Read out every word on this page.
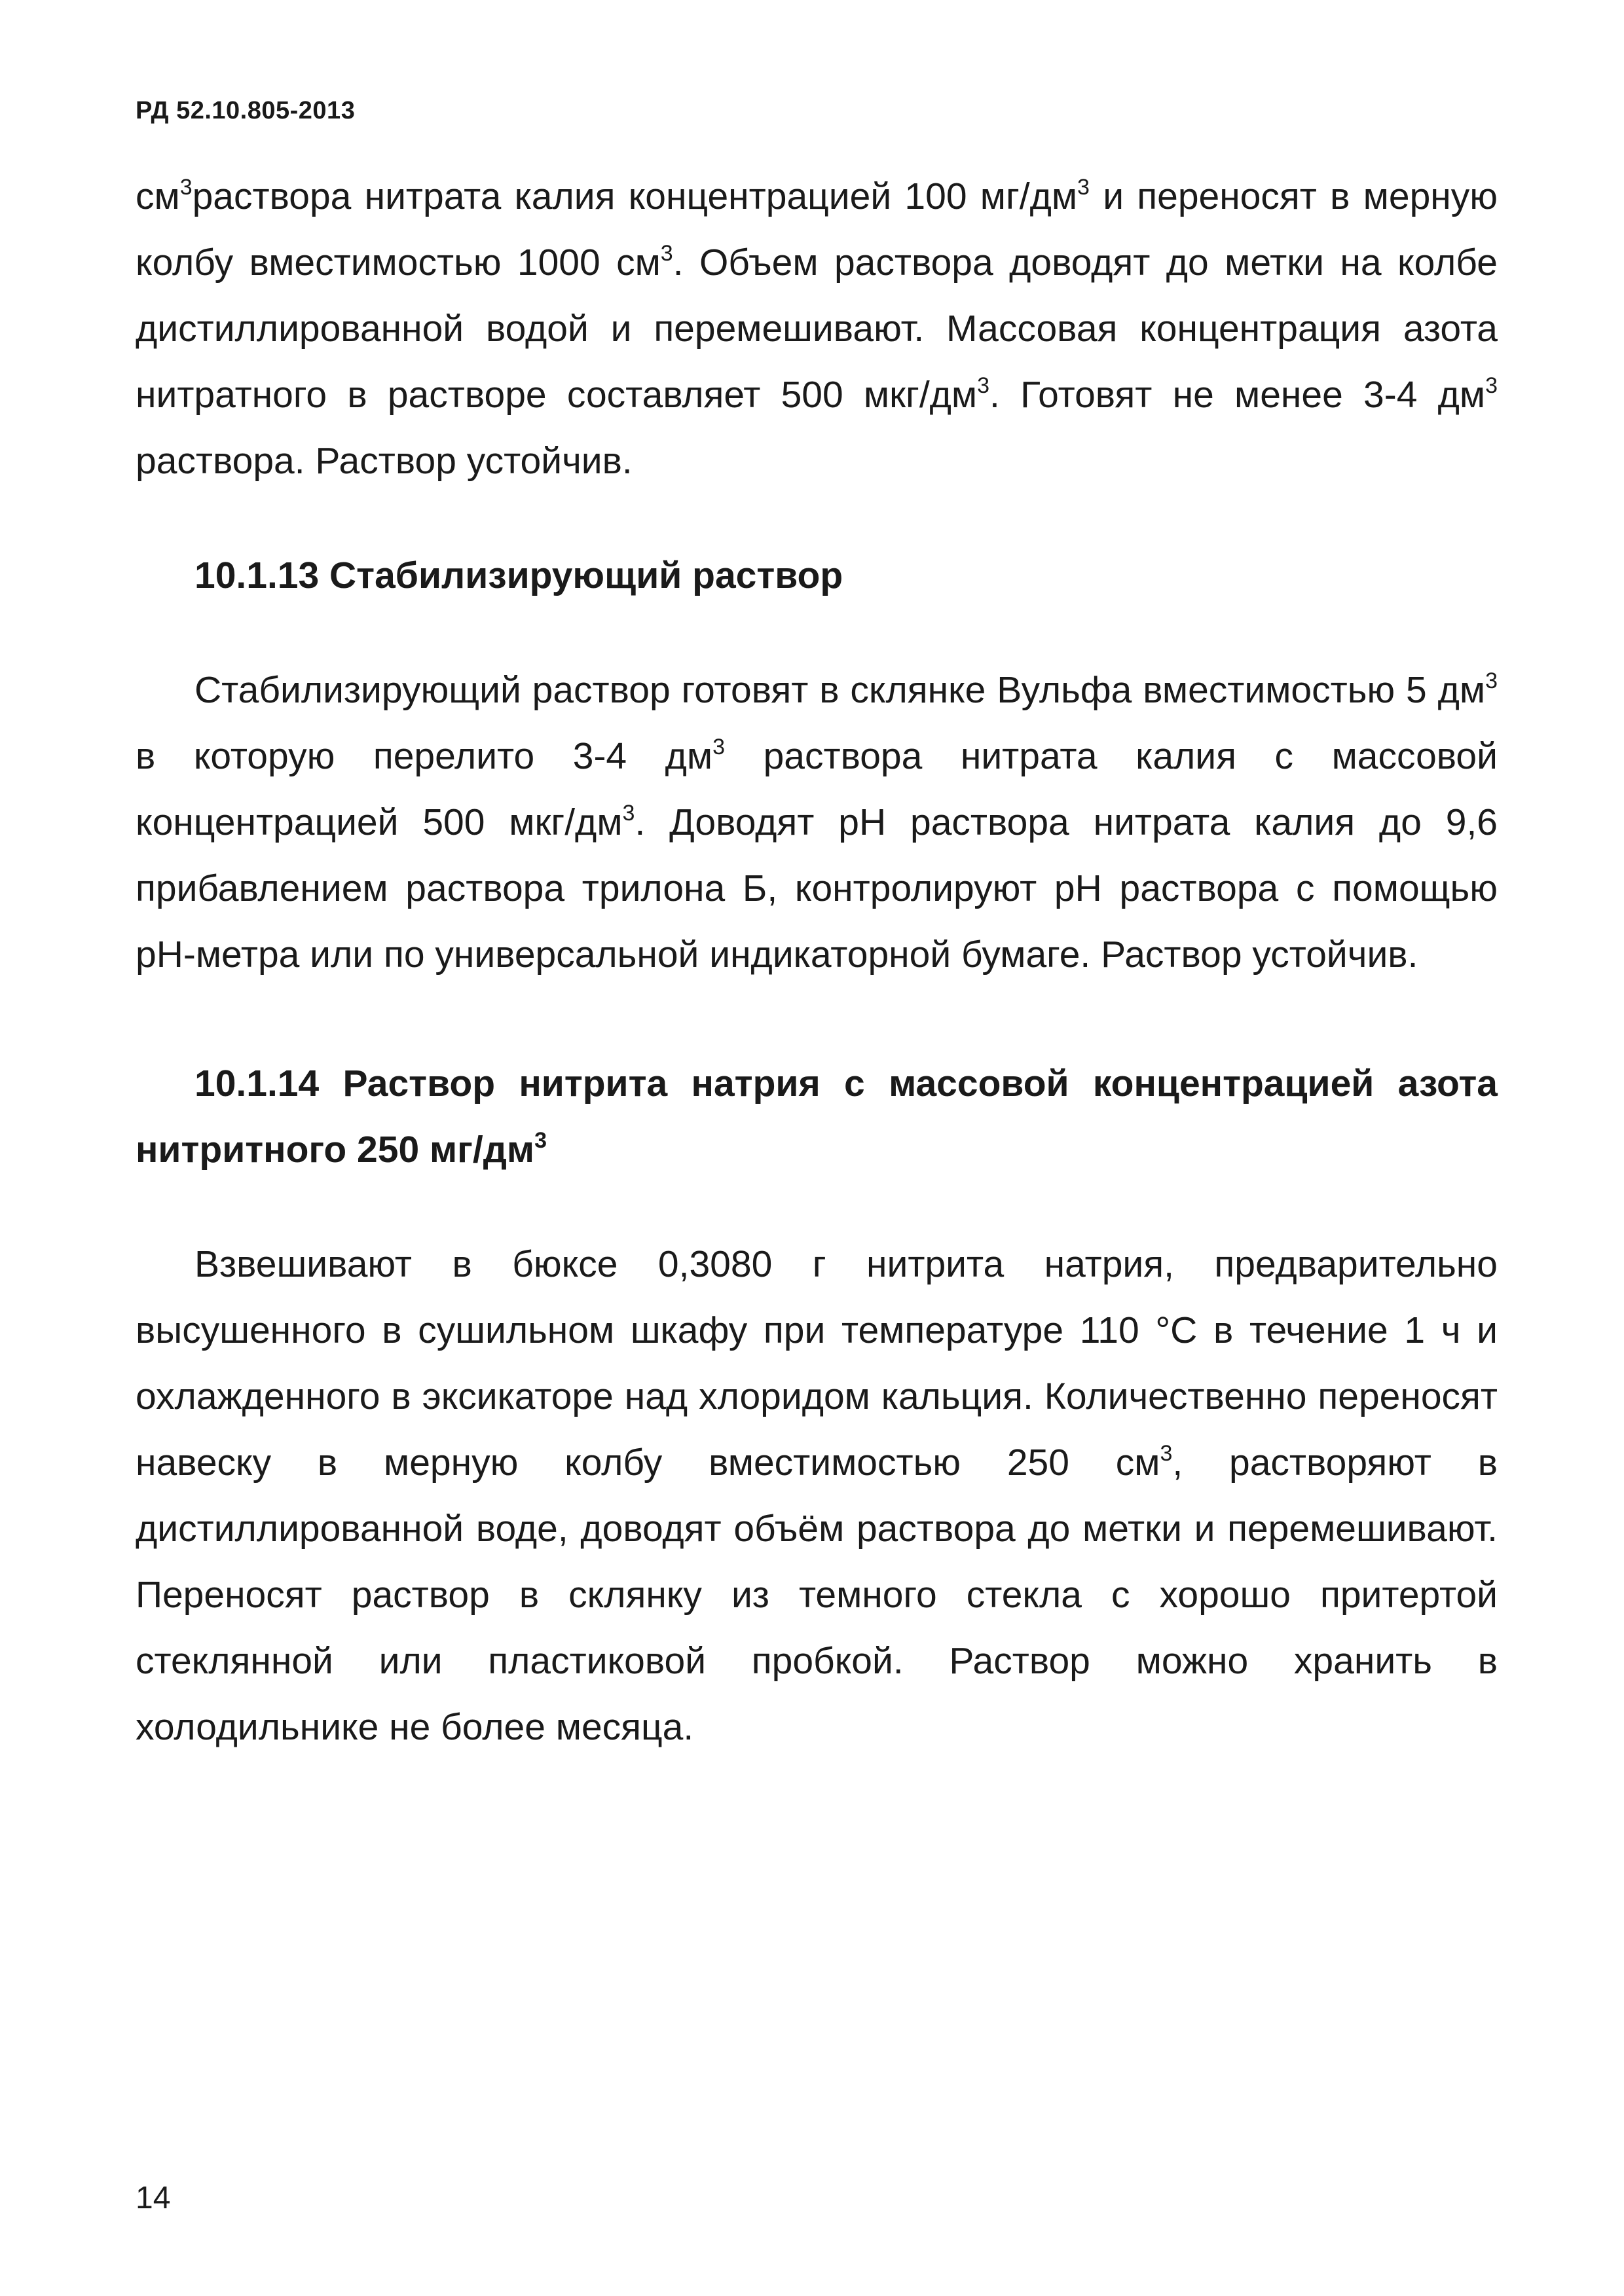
РД 52.10.805-2013

$см^3раствора$ нитрата калия концентрацией 100 $мг/дм^3$ и переносят в мерную колбу вместимостью 1000 $см^3$. Объем раствора доводят до метки на колбе дистиллированной водой и перемешивают. Массовая концентрация азота нитратного в растворе составляет 500 мкг/$дм^3$. Готовят не менее 3-4 $дм^3$ раствора. Раствор устойчив.

10.1.13 Стабилизирующий раствор

Стабилизирующий раствор готовят в склянке Вульфа вместимостью 5 $дм^3$ в которую перелито 3-4 $дм^3$ раствора нитрата калия с массовой концентрацией 500 мкг/$дм^3$. Доводят pH раствора нитрата калия до 9,6 прибавлением раствора трилона Б, контролируют pH раствора с помощью pH-метра или по универсальной индикаторной бумаге. Раствор устойчив.

10.1.14 Раствор нитрита натрия с массовой концентрацией азота нитритного 250 $мг/дм^3$

Взвешивают в бюксе 0,3080 г нитрита натрия, предварительно высушенного в сушильном шкафу при температуре 110 °С в течение 1 ч и охлажденного в эксикаторе над хлоридом кальция. Количественно переносят навеску в мерную колбу вместимостью 250 $см^3$, растворяют в дистиллированной воде, доводят объём раствора до метки и перемешивают. Переносят раствор в склянку из темного стекла с хорошо притертой стеклянной или пластиковой пробкой. Раствор можно хранить в холодильнике не более месяца.

14
